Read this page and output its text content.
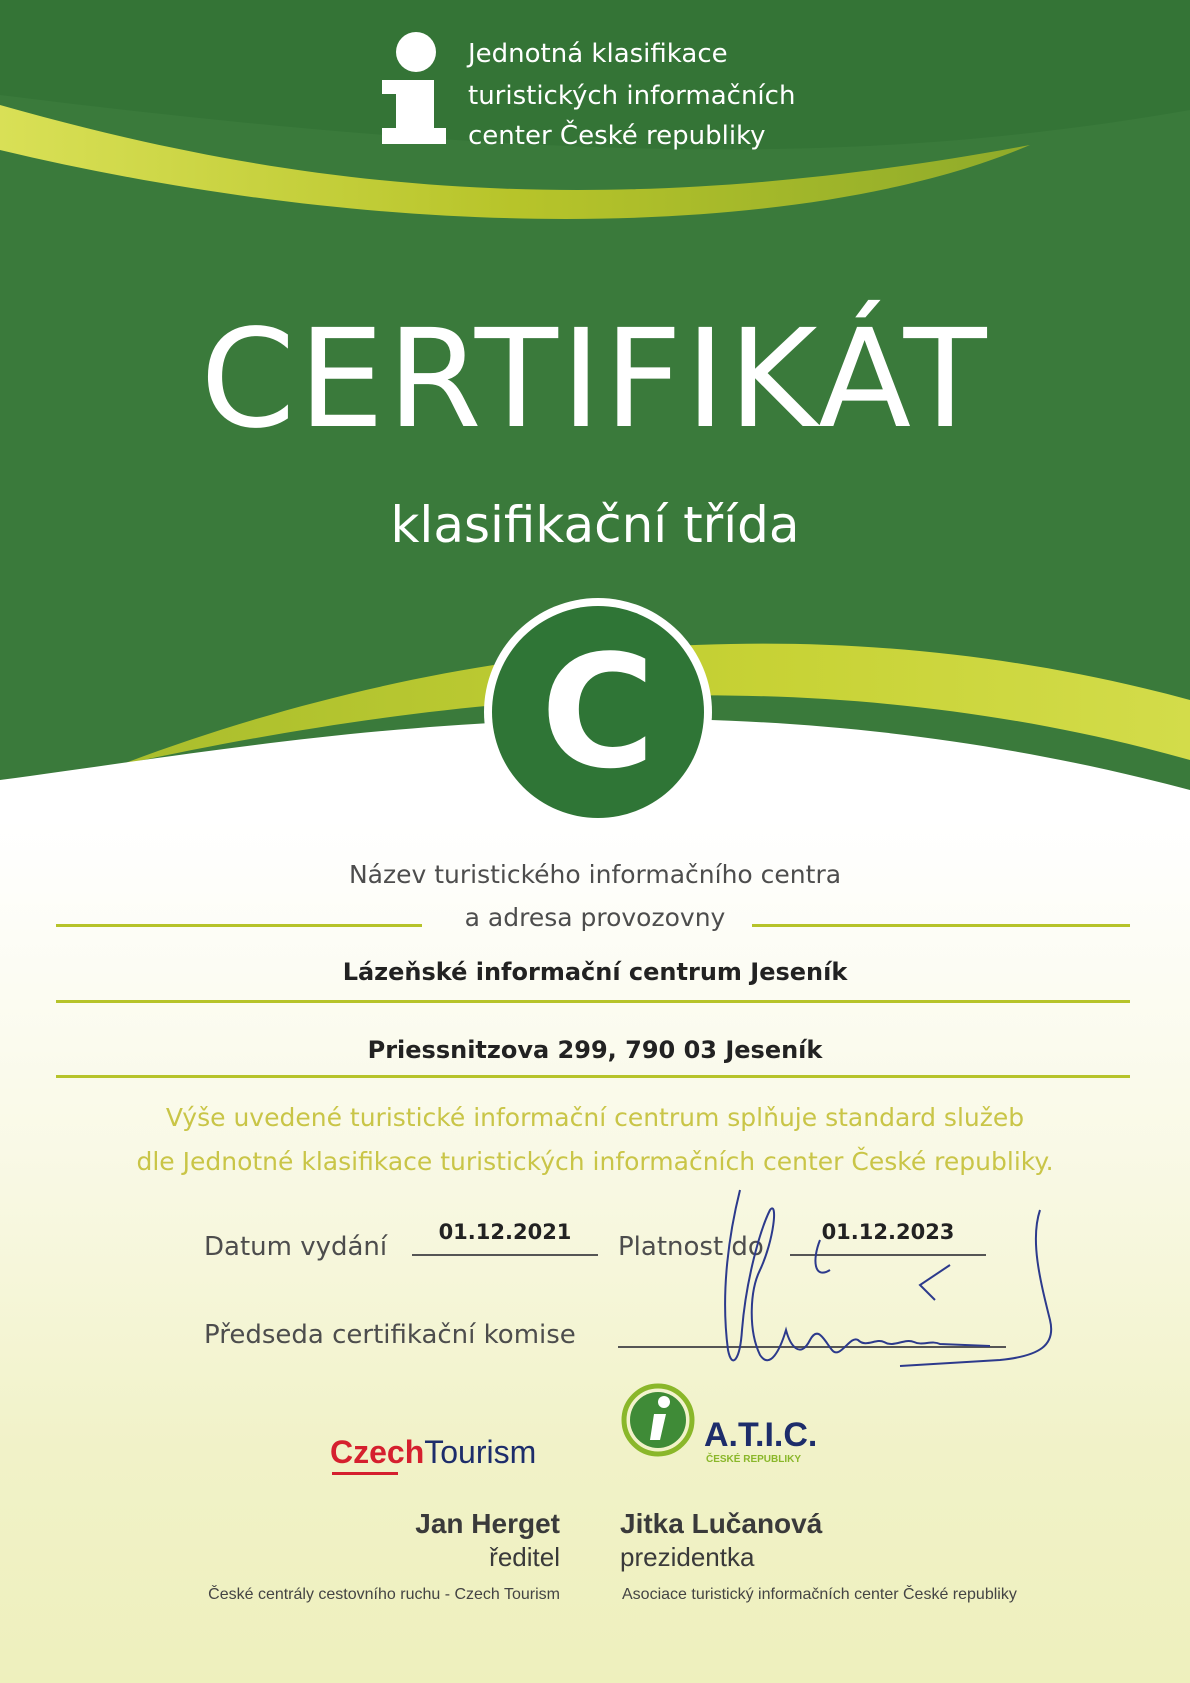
Jednotná klasifikace
turistických informačních
center České republiky
CERTIFIKÁT
klasifikační třída
C
Název turistického informačního centra
a adresa provozovny
Lázeňské informační centrum Jeseník
Priessnitzova 299, 790 03 Jeseník
Výše uvedené turistické informační centrum splňuje standard služeb
dle Jednotné klasifikace turistických informačních center České republiky.
Datum vydání	01.12.2021	Platnost do	01.12.2023
Předseda certifikační komise
CzechTourism	A.T.I.C.
ČESKÉ REPUBLIKY
Jan Herget
ředitel
České centrály cestovního ruchu - Czech Tourism
Jitka Lučanová
prezidentka
Asociace turistický informačních center České republiky
